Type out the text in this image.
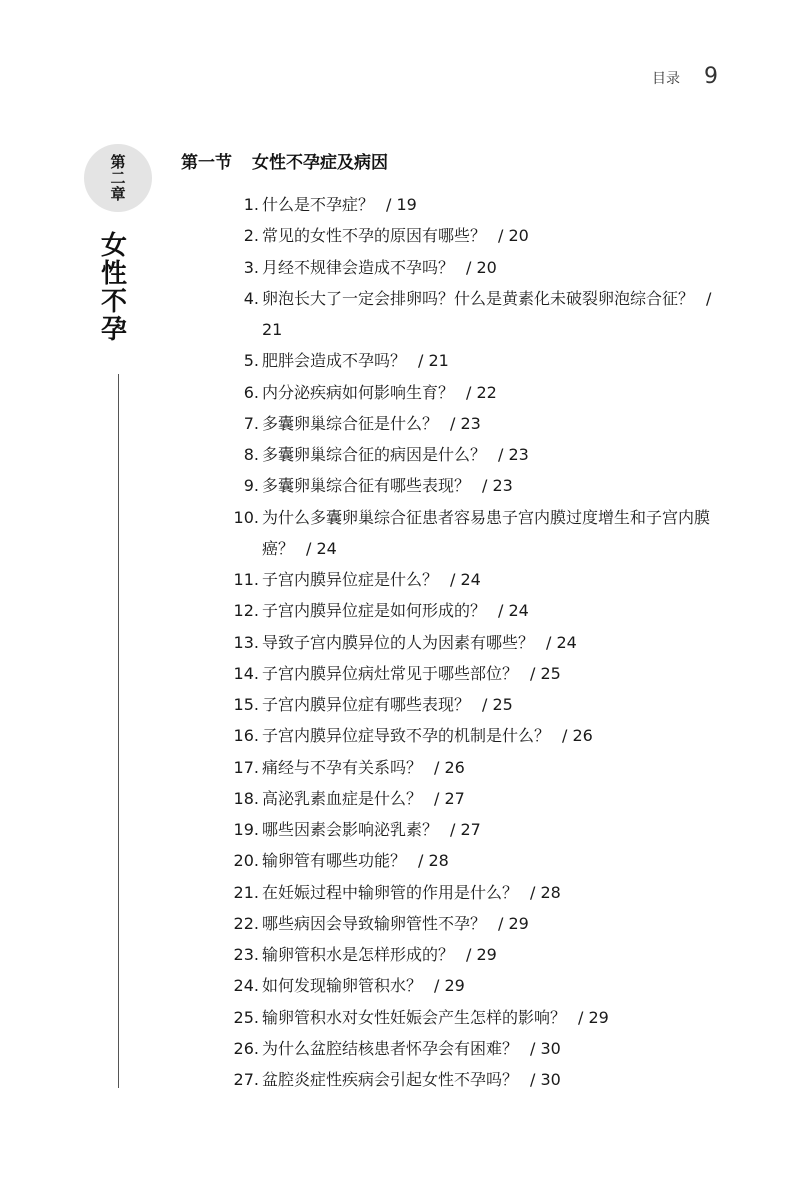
目录 9
第
二
章
女
性
不
孕
第一节 女性不孕症及病因
1. 什么是不孕症？ / 19
2. 常见的女性不孕的原因有哪些？ / 20
3. 月经不规律会造成不孕吗？ / 20
4. 卵泡长大了一定会排卵吗？什么是黄素化未破裂卵泡综合征？ / 21
5. 肥胖会造成不孕吗？ / 21
6. 内分泌疾病如何影响生育？ / 22
7. 多囊卵巢综合征是什么？ / 23
8. 多囊卵巢综合征的病因是什么？ / 23
9. 多囊卵巢综合征有哪些表现？ / 23
10. 为什么多囊卵巢综合征患者容易患子宫内膜过度增生和子宫内膜癌？ / 24
11. 子宫内膜异位症是什么？ / 24
12. 子宫内膜异位症是如何形成的？ / 24
13. 导致子宫内膜异位的人为因素有哪些？ / 24
14. 子宫内膜异位病灶常见于哪些部位？ / 25
15. 子宫内膜异位症有哪些表现？ / 25
16. 子宫内膜异位症导致不孕的机制是什么？ / 26
17. 痛经与不孕有关系吗？ / 26
18. 高泌乳素血症是什么？ / 27
19. 哪些因素会影响泌乳素？ / 27
20. 输卵管有哪些功能？ / 28
21. 在妊娠过程中输卵管的作用是什么？ / 28
22. 哪些病因会导致输卵管性不孕？ / 29
23. 输卵管积水是怎样形成的？ / 29
24. 如何发现输卵管积水？ / 29
25. 输卵管积水对女性妊娠会产生怎样的影响？ / 29
26. 为什么盆腔结核患者怀孕会有困难？ / 30
27. 盆腔炎症性疾病会引起女性不孕吗？ / 30
